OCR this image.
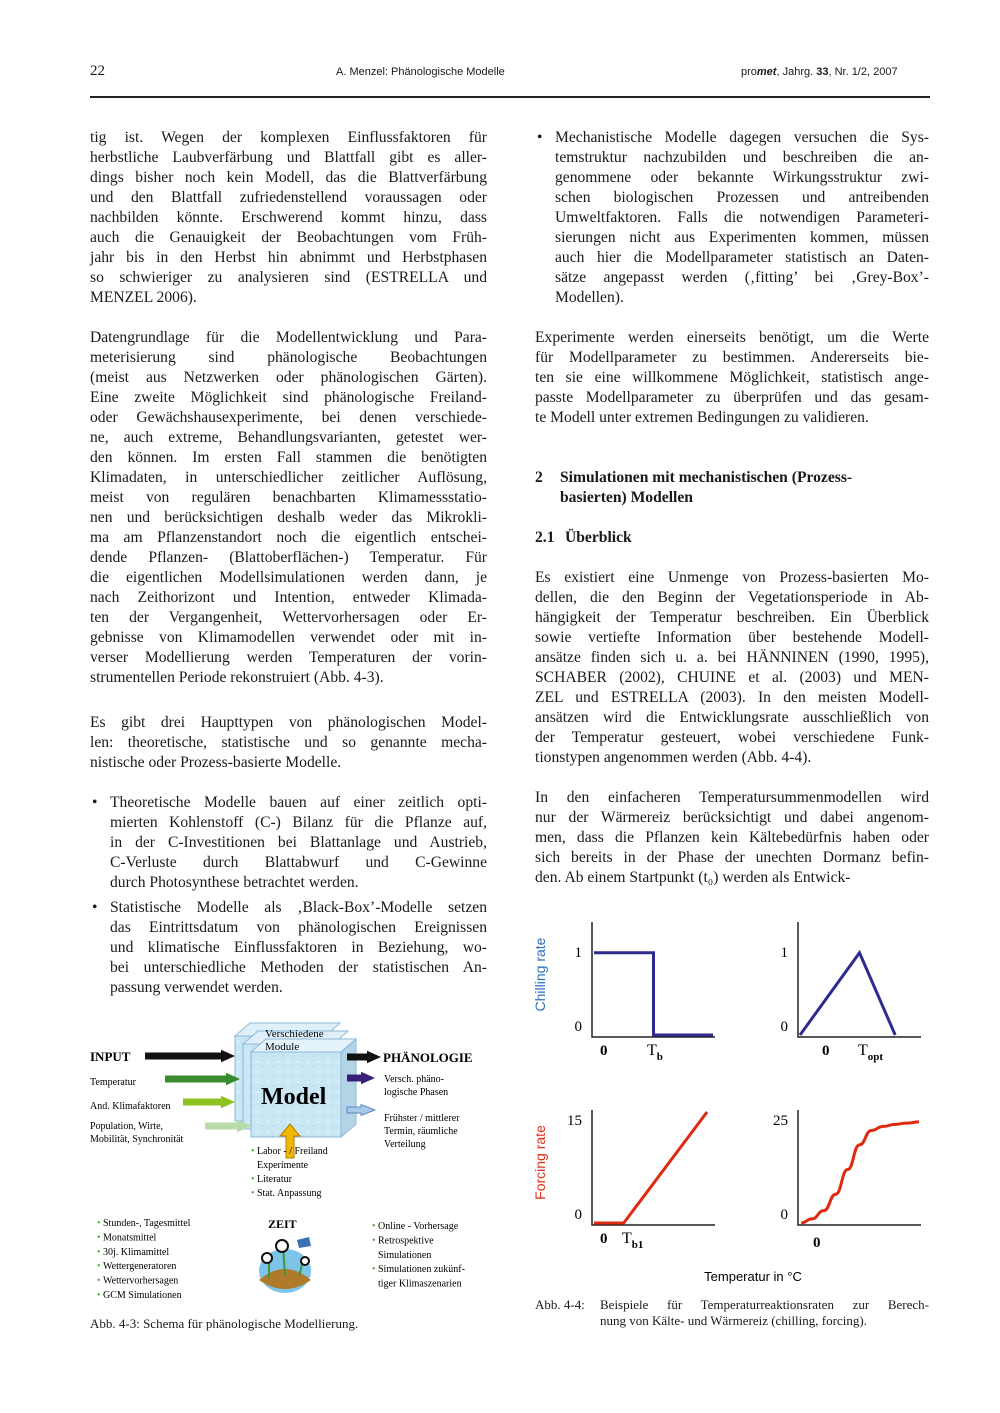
22	A. Menzel: Phänologische Modelle	promet, Jahrg. 33, Nr. 1/2, 2007
tig ist. Wegen der komplexen Einflussfaktoren für
herbstliche Laubverfärbung und Blattfall gibt es aller-
dings bisher noch kein Modell, das die Blattverfärbung
und den Blattfall zufriedenstellend voraussagen oder
nachbilden könnte. Erschwerend kommt hinzu, dass
auch die Genauigkeit der Beobachtungen vom Früh-
jahr bis in den Herbst hin abnimmt und Herbstphasen
so schwieriger zu analysieren sind (ESTRELLA und
MENZEL 2006).
Datengrundlage für die Modellentwicklung und Para-
meterisierung sind phänologische Beobachtungen
(meist aus Netzwerken oder phänologischen Gärten).
Eine zweite Möglichkeit sind phänologische Freiland-
oder Gewächshausexperimente, bei denen verschiede-
ne, auch extreme, Behandlungsvarianten, getestet wer-
den können. Im ersten Fall stammen die benötigten
Klimadaten, in unterschiedlicher zeitlicher Auflösung,
meist von regulären benachbarten Klimamessstatio-
nen und berücksichtigen deshalb weder das Mikrokli-
ma am Pflanzenstandort noch die eigentlich entschei-
dende Pflanzen- (Blattoberflächen-) Temperatur. Für
die eigentlichen Modellsimulationen werden dann, je
nach Zeithorizont und Intention, entweder Klimada-
ten der Vergangenheit, Wettervorhersagen oder Er-
gebnisse von Klimamodellen verwendet oder mit in-
verser Modellierung werden Temperaturen der vorin-
strumentellen Periode rekonstruiert (Abb. 4-3).
Es gibt drei Haupttypen von phänologischen Model-
len: theoretische, statistische und so genannte mecha-
nistische oder Prozess-basierte Modelle.
• Theoretische Modelle bauen auf einer zeitlich opti-
mierten Kohlenstoff (C-) Bilanz für die Pflanze auf,
in der C-Investitionen bei Blattanlage und Austrieb,
C-Verluste durch Blattabwurf und C-Gewinne
durch Photosynthese betrachtet werden.
• Statistische Modelle als ‚Black-Box’-Modelle setzen
das Eintrittsdatum von phänologischen Ereignissen
und klimatische Einflussfaktoren in Beziehung, wo-
bei unterschiedliche Methoden der statistischen An-
passung verwendet werden.
• Mechanistische Modelle dagegen versuchen die Sys-
temstruktur nachzubilden und beschreiben die an-
genommene oder bekannte Wirkungsstruktur zwi-
schen biologischen Prozessen und antreibenden
Umweltfaktoren. Falls die notwendigen Parameteri-
sierungen nicht aus Experimenten kommen, müssen
auch hier die Modellparameter statistisch an Daten-
sätze angepasst werden (‚fitting’ bei ‚Grey-Box’-
Modellen).
Experimente werden einerseits benötigt, um die Werte
für Modellparameter zu bestimmen. Andererseits bie-
ten sie eine willkommene Möglichkeit, statistisch ange-
passte Modellparameter zu überprüfen und das gesam-
te Modell unter extremen Bedingungen zu validieren.
2 Simulationen mit mechanistischen (Prozess-
basierten) Modellen
2.1 Überblick
Es existiert eine Unmenge von Prozess-basierten Mo-
dellen, die den Beginn der Vegetationsperiode in Ab-
hängigkeit der Temperatur beschreiben. Ein Überblick
sowie vertiefte Information über bestehende Modell-
ansätze finden sich u. a. bei HÄNNINEN (1990, 1995),
SCHABER (2002), CHUINE et al. (2003) und MEN-
ZEL und ESTRELLA (2003). In den meisten Modell-
ansätzen wird die Entwicklungsrate ausschließlich von
der Temperatur gesteuert, wobei verschiedene Funk-
tionstypen angenommen werden (Abb. 4-4).
In den einfacheren Temperatursummenmodellen wird
nur der Wärmereiz berücksichtigt und dabei angenom-
men, dass die Pflanzen kein Kältebedürfnis haben oder
sich bereits in der Phase der unechten Dormanz befin-
den. Ab einem Startpunkt (t₀) werden als Entwick-
Verschiedene
Module
Model
INPUT
Temperatur
And. Klimafaktoren
Population, Wirte,
Mobilität, Synchronität
PHÄNOLOGIE
Versch. phäno-
logische Phasen
Frühster / mittlerer
Termin, räumliche
Verteilung
• Labor - / Freiland
Experimente
• Literatur
• Stat. Anpassung
ZEIT
• Stunden-, Tagesmittel
• Monatsmittel
• 30j. Klimamittel
• Wettergeneratoren
• Wettervorhersagen
• GCM Simulationen
• Online - Vorhersage
• Retrospektive
Simulationen
• Simulationen zukünf-
tiger Klimaszenarien
Abb. 4-3: Schema für phänologische Modellierung.
1
0
0 $T_b$
Chilling rate	1
0
0 $T_{opt}$
15
0
0 $T_{b1}$
Forcing rate
25
0
0
Temperatur in °C
Abb. 4-4: Beispiele für Temperaturreaktionsraten zur Berech-
nung von Kälte- und Wärmereiz (chilling, forcing).
